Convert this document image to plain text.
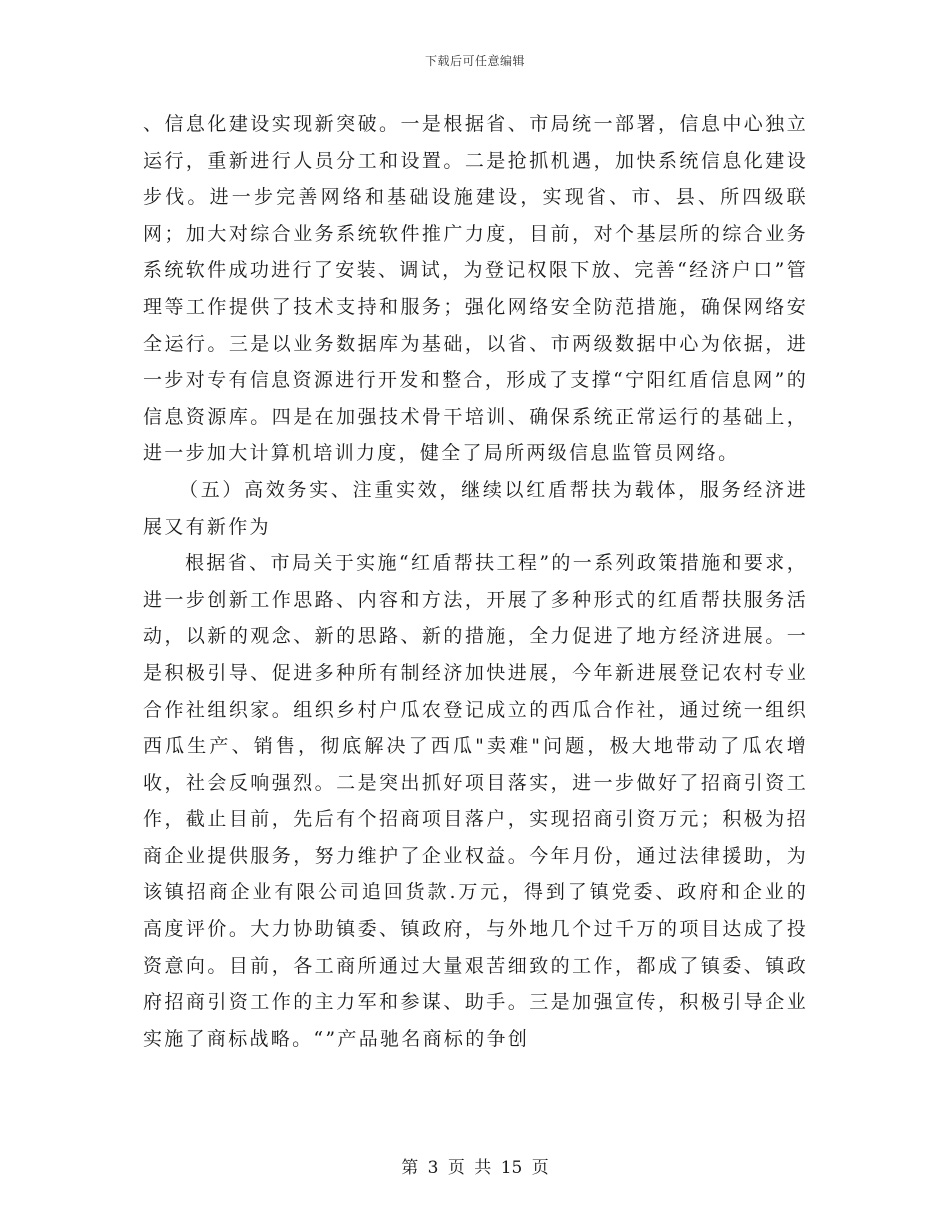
下载后可任意编辑

、信息化建设实现新突破。一是根据省、市局统一部署，信息中心独立运行，重新进行人员分工和设置。二是抢抓机遇，加快系统信息化建设步伐。进一步完善网络和基础设施建设，实现省、市、县、所四级联网；加大对综合业务系统软件推广力度，目前，对个基层所的综合业务系统软件成功进行了安装、调试，为登记权限下放、完善“经济户口”管理等工作提供了技术支持和服务；强化网络安全防范措施，确保网络安全运行。三是以业务数据库为基础，以省、市两级数据中心为依据，进一步对专有信息资源进行开发和整合，形成了支撑“宁阳红盾信息网”的信息资源库。四是在加强技术骨干培训、确保系统正常运行的基础上，进一步加大计算机培训力度，健全了局所两级信息监管员网络。

（五）高效务实、注重实效，继续以红盾帮扶为载体，服务经济进展又有新作为

根据省、市局关于实施“红盾帮扶工程”的一系列政策措施和要求，进一步创新工作思路、内容和方法，开展了多种形式的红盾帮扶服务活动，以新的观念、新的思路、新的措施，全力促进了地方经济进展。一是积极引导、促进多种所有制经济加快进展，今年新进展登记农村专业合作社组织家。组织乡村户瓜农登记成立的西瓜合作社，通过统一组织西瓜生产、销售，彻底解决了西瓜"卖难"问题，极大地带动了瓜农增收，社会反响强烈。二是突出抓好项目落实，进一步做好了招商引资工作，截止目前，先后有个招商项目落户，实现招商引资万元；积极为招商企业提供服务，努力维护了企业权益。今年月份，通过法律援助，为该镇招商企业有限公司追回货款.万元，得到了镇党委、政府和企业的高度评价。大力协助镇委、镇政府，与外地几个过千万的项目达成了投资意向。目前，各工商所通过大量艰苦细致的工作，都成了镇委、镇政府招商引资工作的主力军和参谋、助手。三是加强宣传，积极引导企业实施了商标战略。“”产品驰名商标的争创

第 3 页 共 15 页
